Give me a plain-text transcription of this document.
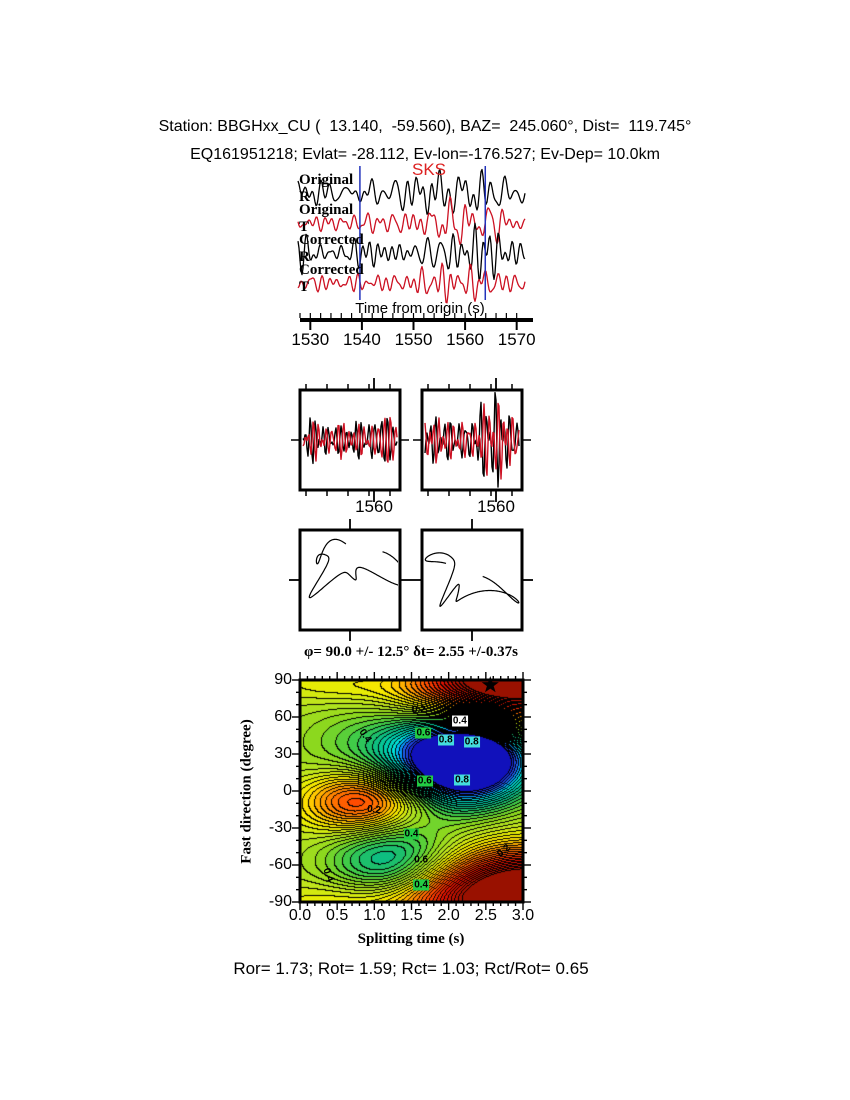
Station: BBGHxx_CU (  13.140,  -59.560), BAZ=  245.060°, Dist=  119.745°
EQ161951218; Evlat= -28.112, Ev-lon=-176.527; Ev-Dep= 10.0km
SKS
Original R
Original T
Corrected R
Corrected T
Time from origin (s)
1530 1540 1550 1560 1570
1560	1560
φ= 90.0 +/- 12.5° δt= 2.55 +/-0.37s
Fast direction (degree)
90
60
30
0
-30
-60
-90
0.0 0.5 1.0 1.5 2.0 2.5 3.0
Splitting time (s)
Ror= 1.73; Rot= 1.59; Rct= 1.03; Rct/Rot= 0.65
0.2
0.4
0.6
0.8 0.8
0.4
0.6 0.8
0.4
0.2
0.4
0.6
0.4
0.4
0.2
